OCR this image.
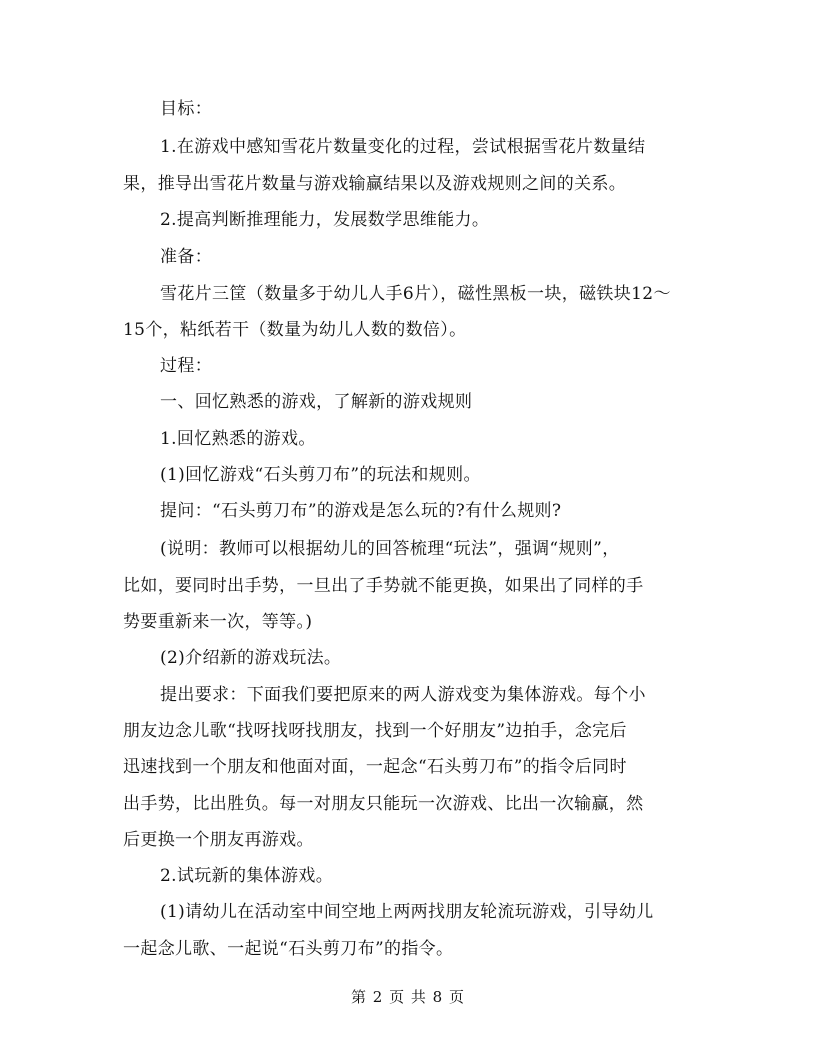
目标：
1.在游戏中感知雪花片数量变化的过程，尝试根据雪花片数量结
果，推导出雪花片数量与游戏输赢结果以及游戏规则之间的关系。
2.提高判断推理能力，发展数学思维能力。
准备：
雪花片三筐（数量多于幼儿人手6片），磁性黑板一块，磁铁块12～
15个，粘纸若干（数量为幼儿人数的数倍）。
过程：
一、回忆熟悉的游戏，了解新的游戏规则
1.回忆熟悉的游戏。
(1)回忆游戏“石头剪刀布”的玩法和规则。
提问：“石头剪刀布”的游戏是怎么玩的?有什么规则?
(说明：教师可以根据幼儿的回答梳理“玩法”，强调“规则”，
比如，要同时出手势，一旦出了手势就不能更换，如果出了同样的手
势要重新来一次，等等。)
(2)介绍新的游戏玩法。
提出要求：下面我们要把原来的两人游戏变为集体游戏。每个小
朋友边念儿歌“找呀找呀找朋友，找到一个好朋友”边拍手，念完后
迅速找到一个朋友和他面对面，一起念“石头剪刀布”的指令后同时
出手势，比出胜负。每一对朋友只能玩一次游戏、比出一次输赢，然
后更换一个朋友再游戏。
2.试玩新的集体游戏。
(1)请幼儿在活动室中间空地上两两找朋友轮流玩游戏，引导幼儿
一起念儿歌、一起说“石头剪刀布”的指令。
第 2 页 共 8 页
